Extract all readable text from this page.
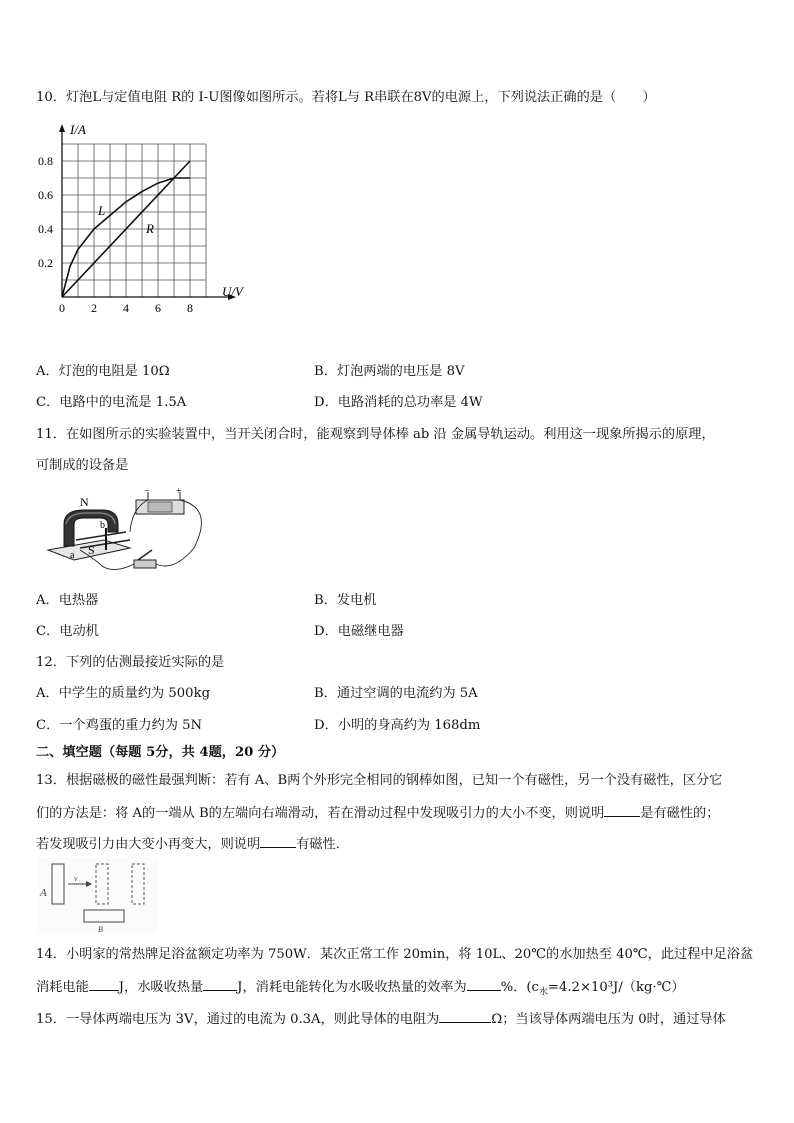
10．灯泡L与定值电阻 R的 I-U图像如图所示。若将L与 R串联在8V的电源上，下列说法正确的是（　　）
0.8
0.6
0.4
0.2
0 2 4 6 8
I/A
U/V
L
R
A．灯泡的电阻是 10Ω	B．灯泡两端的电压是 8V
C．电路中的电流是 1.5A	D．电路消耗的总功率是 4W
11．在如图所示的实验装置中，当开关闭合时，能观察到导体棒 ab 沿 金属导轨运动。利用这一现象所揭示的原理，
可制成的设备是
N
S
a
b
−	+
A．电热器	B．发电机
C．电动机	D．电磁继电器
12．下列的估测最接近实际的是
A．中学生的质量约为 500kg	B．通过空调的电流约为 5A
C．一个鸡蛋的重力约为 5N	D．小明的身高约为 168dm
二、填空题（每题 5分，共 4题，20 分）
13．根据磁极的磁性最强判断：若有 A、B两个外形完全相同的钢棒如图，已知一个有磁性，另一个没有磁性，区分它
们的方法是：将 A的一端从 B的左端向右端滑动，若在滑动过程中发现吸引力的大小不变，则说明	是有磁性的；
若发现吸引力由大变小再变大，则说明	有磁性．
A
v
B
14．小明家的常热牌足浴盆额定功率为 750W．某次正常工作 20min，将 10L、20℃的水加热至 40℃，此过程中足浴盆
消耗电能 J，水吸收热量	J，消耗电能转化为水吸收热量的效率为	%．($c_水=4.2\times 10^3J/(kg\cdot℃)$
15．一导体两端电压为 3V，通过的电流为 0.3A，则此导体的电阻为	Ω；当该导体两端电压为 0时，通过导体
